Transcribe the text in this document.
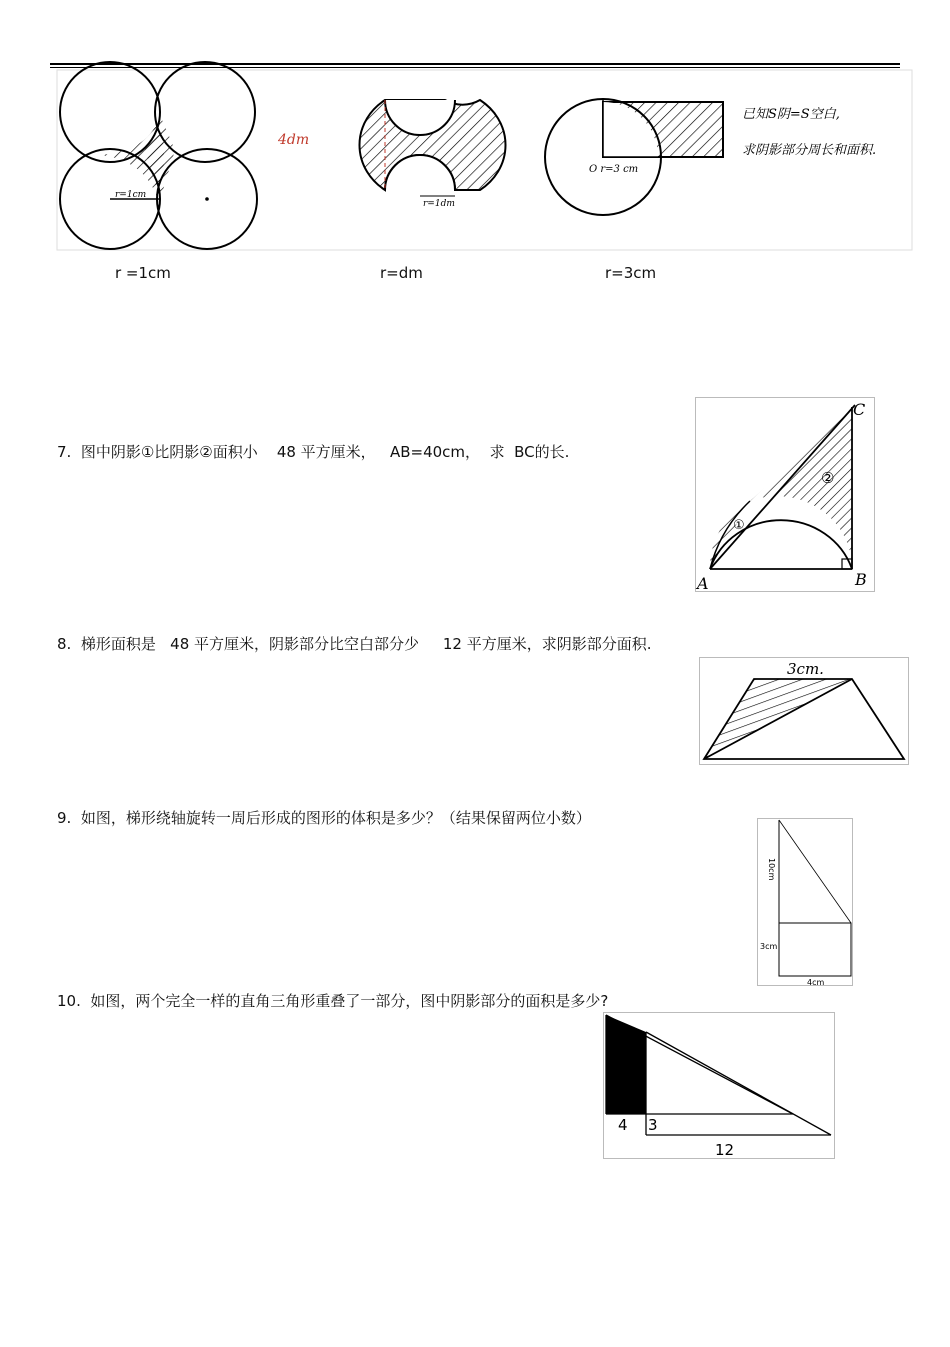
r=1cm
4dm
r=1dm
O r=3 cm
已知S阴=S空白,
求阴影部分周长和面积.
r =1cm	r=dm	r=3cm
7.  图中阴影①比阴影②面积小    48 平方厘米，   AB=40cm，  求  BC的长.
A	B
C
①
②
8.  梯形面积是   48 平方厘米，阴影部分比空白部分少     12 平方厘米，求阴影部分面积.
3cm.
9.  如图，梯形绕轴旋转一周后形成的图形的体积是多少？（结果保留两位小数）
10cm
3cm
4cm
10.  如图，两个完全一样的直角三角形重叠了一部分，图中阴影部分的面积是多少?
4 3
12
